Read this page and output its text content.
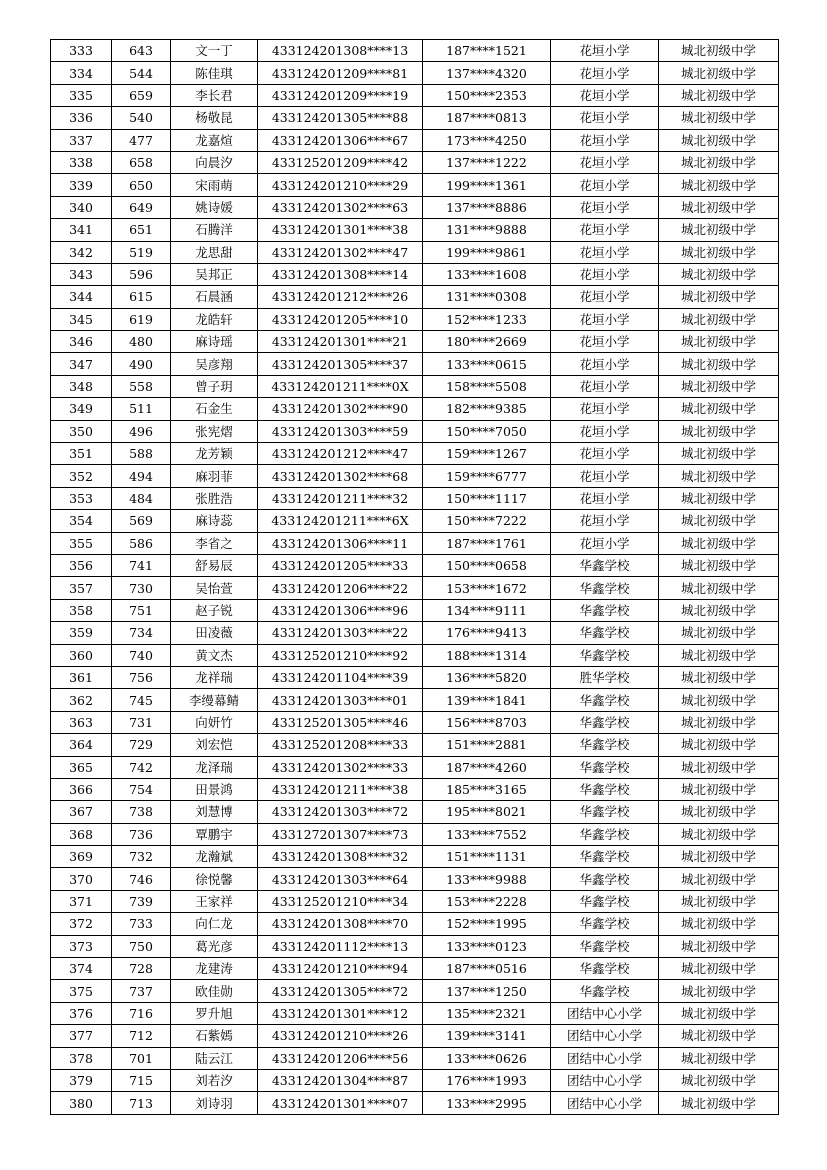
333	643	文一丁	433124201308****13	187****1521	花垣小学	城北初级中学
334	544	陈佳琪	433124201209****81	137****4320	花垣小学	城北初级中学
335	659	李长君	433124201209****19	150****2353	花垣小学	城北初级中学
336	540	杨敬昆	433124201305****88	187****0813	花垣小学	城北初级中学
337	477	龙嘉煊	433124201306****67	173****4250	花垣小学	城北初级中学
338	658	向晨汐	433125201209****42	137****1222	花垣小学	城北初级中学
339	650	宋雨萌	433124201210****29	199****1361	花垣小学	城北初级中学
340	649	姚诗媛	433124201302****63	137****8886	花垣小学	城北初级中学
341	651	石腾洋	433124201301****38	131****9888	花垣小学	城北初级中学
342	519	龙思甜	433124201302****47	199****9861	花垣小学	城北初级中学
343	596	吴邦正	433124201308****14	133****1608	花垣小学	城北初级中学
344	615	石晨涵	433124201212****26	131****0308	花垣小学	城北初级中学
345	619	龙皓轩	433124201205****10	152****1233	花垣小学	城北初级中学
346	480	麻诗瑶	433124201301****21	180****2669	花垣小学	城北初级中学
347	490	吴彦翔	433124201305****37	133****0615	花垣小学	城北初级中学
348	558	曾子玥	433124201211****0X	158****5508	花垣小学	城北初级中学
349	511	石金生	433124201302****90	182****9385	花垣小学	城北初级中学
350	496	张宪熠	433124201303****59	150****7050	花垣小学	城北初级中学
351	588	龙芳颖	433124201212****47	159****1267	花垣小学	城北初级中学
352	494	麻羽菲	433124201302****68	159****6777	花垣小学	城北初级中学
353	484	张胜浩	433124201211****32	150****1117	花垣小学	城北初级中学
354	569	麻诗蕊	433124201211****6X	150****7222	花垣小学	城北初级中学
355	586	李省之	433124201306****11	187****1761	花垣小学	城北初级中学
356	741	舒易辰	433124201205****33	150****0658	华鑫学校	城北初级中学
357	730	吴怡萱	433124201206****22	153****1672	华鑫学校	城北初级中学
358	751	赵子锐	433124201306****96	134****9111	华鑫学校	城北初级中学
359	734	田凌薇	433124201303****22	176****9413	华鑫学校	城北初级中学
360	740	黄文杰	433125201210****92	188****1314	华鑫学校	城北初级中学
361	756	龙祥瑞	433124201104****39	136****5820	胜华学校	城北初级中学
362	745	李缦幕鲭	433124201303****01	139****1841	华鑫学校	城北初级中学
363	731	向妍竹	433125201305****46	156****8703	华鑫学校	城北初级中学
364	729	刘宏恺	433125201208****33	151****2881	华鑫学校	城北初级中学
365	742	龙泽瑞	433124201302****33	187****4260	华鑫学校	城北初级中学
366	754	田景鸿	433124201211****38	185****3165	华鑫学校	城北初级中学
367	738	刘慧博	433124201303****72	195****8021	华鑫学校	城北初级中学
368	736	覃鹏宇	433127201307****73	133****7552	华鑫学校	城北初级中学
369	732	龙瀚斌	433124201308****32	151****1131	华鑫学校	城北初级中学
370	746	徐悦馨	433124201303****64	133****9988	华鑫学校	城北初级中学
371	739	王家祥	433125201210****34	153****2228	华鑫学校	城北初级中学
372	733	向仁龙	433124201308****70	152****1995	华鑫学校	城北初级中学
373	750	葛光彦	433124201112****13	133****0123	华鑫学校	城北初级中学
374	728	龙建涛	433124201210****94	187****0516	华鑫学校	城北初级中学
375	737	欧佳勋	433124201305****72	137****1250	华鑫学校	城北初级中学
376	716	罗升旭	433124201301****12	135****2321	团结中心小学	城北初级中学
377	712	石紫嫣	433124201210****26	139****3141	团结中心小学	城北初级中学
378	701	陆云江	433124201206****56	133****0626	团结中心小学	城北初级中学
379	715	刘若汐	433124201304****87	176****1993	团结中心小学	城北初级中学
380	713	刘诗羽	433124201301****07	133****2995	团结中心小学	城北初级中学
